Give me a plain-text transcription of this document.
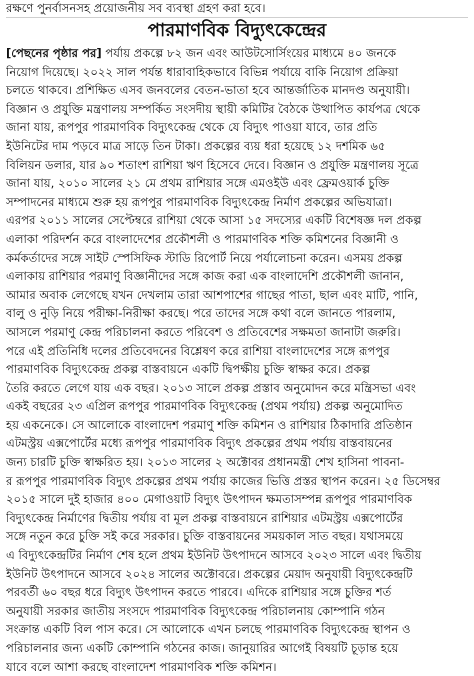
রক্ষণে পুনর্বাসনসহ প্রয়োজনীয় সব ব্যবস্থা গ্রহণ করা হবে।
পারমাণবিক বিদ্যুৎকেন্দ্রের
[পেছনের পৃষ্ঠার পর] পর্যায় প্রকল্পে ৮২ জন এবং আউটসোর্সিংয়ের মাধ্যমে ৪০ জনকে
নিয়োগ দিয়েছে। ২০২২ সাল পর্যন্ত ধারাবাহিকভাবে বিভিন্ন পর্যায়ে বাকি নিয়োগ প্রক্রিয়া
চলতে থাকবে। প্রশিক্ষিত এসব জনবলের বেতন-ভাতা হবে আন্তর্জাতিক মানদণ্ড অনুযায়ী।
বিজ্ঞান ও প্রযুক্তি মন্ত্রণালয় সম্পর্কিত সংসদীয় স্থায়ী কমিটির বৈঠকে উত্থাপিত কার্যপত্র থেকে
জানা যায়, রূপপুর পারমাণবিক বিদ্যুৎকেন্দ্র থেকে যে বিদ্যুৎ পাওয়া যাবে, তার প্রতি
ইউনিটের দাম পড়বে মাত্র সাড়ে তিন টাকা। প্রকল্পের ব্যয় ধরা হয়েছে ১২ দশমিক ৬৫
বিলিয়ন ডলার, যার ৯০ শতাংশ রাশিয়া ঋণ হিসেবে দেবে। বিজ্ঞান ও প্রযুক্তি মন্ত্রণালয় সূত্রে
জানা যায়, ২০১০ সালের ২১ মে প্রথম রাশিয়ার সঙ্গে এমওইউ এবং ফ্রেমওয়ার্ক চুক্তি
সম্পাদনের মাধ্যমে শুরু হয় রূপপুর পারমাণবিক বিদ্যুৎকেন্দ্র নির্মাণ প্রকল্পের অভিযাত্রা।
এরপর ২০১১ সালের সেপ্টেম্বরে রাশিয়া থেকে আসা ১৫ সদস্যের একটি বিশেষজ্ঞ দল প্রকল্প
এলাকা পরিদর্শন করে বাংলাদেশের প্রকৌশলী ও পারমাণবিক শক্তি কমিশনের বিজ্ঞানী ও
কর্মকর্তাদের সঙ্গে সাইট স্পেসিফিক স্টাডি রিপোর্ট নিয়ে পর্যালোচনা করেন। এসময় প্রকল্প
এলাকায় রাশিয়ার পরমাণু বিজ্ঞানীদের সঙ্গে কাজ করা এক বাংলাদেশি প্রকৌশলী জানান,
আমার অবাক লেগেছে যখন দেখলাম তারা আশপাশের গাছের পাতা, ছাল এবং মাটি, পানি,
বালু ও নুড়ি নিয়ে পরীক্ষা-নিরীক্ষা করছে। পরে তাদের সঙ্গে কথা বলে জানতে পারলাম,
আসলে পরমাণু কেন্দ্র পরিচালনা করতে পরিবেশ ও প্রতিবেশের সক্ষমতা জানাটা জরুরি।
পরে এই প্রতিনিধি দলের প্রতিবেদনের বিশ্লেষণ করে রাশিয়া বাংলাদেশের সঙ্গে রূপপুর
পারমাণবিক বিদ্যুৎকেন্দ্র প্রকল্প বাস্তবায়নে একটি দ্বিপক্ষীয় চুক্তি স্বাক্ষর করে। প্রকল্প
তৈরি করতে লেগে যায় এক বছর। ২০১৩ সালে প্রকল্প প্রস্তাব অনুমোদন করে মন্ত্রিসভা এবং
একই বছরের ২৩ এপ্রিল রূপপুর পারমাণবিক বিদ্যুৎকেন্দ্র (প্রথম পর্যায়) প্রকল্প অনুমোদিত
হয় একনেকে। সে আলোকে বাংলাদেশ পরমাণু শক্তি কমিশন ও রাশিয়ার ঠিকাদারি প্রতিষ্ঠান
এটমস্ট্রয় এক্সপোর্টের মধ্যে রূপপুর পারমাণবিক বিদ্যুৎ প্রকল্পের প্রথম পর্যায় বাস্তবায়নের
জন্য চারটি চুক্তি স্বাক্ষরিত হয়। ২০১৩ সালের ২ অক্টোবর প্রধানমন্ত্রী শেখ হাসিনা পাবনা-
র রূপপুর পারমাণবিক বিদ্যুৎ প্রকল্পের প্রথম পর্যায় কাজের ভিত্তি প্রস্তর স্থাপন করেন। ২৫ ডিসেম্বর
২০১৫ সালে দুই হাজার ৪০০ মেগাওয়াট বিদ্যুৎ উৎপাদন ক্ষমতাসম্পন্ন রূপপুর পারমাণবিক
বিদ্যুৎকেন্দ্র নির্মাণের দ্বিতীয় পর্যায় বা মূল প্রকল্প বাস্তবায়নে রাশিয়ার এটমস্ট্রয় এক্সপোর্টের
সঙ্গে নতুন করে চুক্তি সই করে সরকার। চুক্তি বাস্তবায়নের সময়কাল সাত বছর। যথাসময়ে
এ বিদ্যুৎকেন্দ্রটির নির্মাণ শেষ হলে প্রথম ইউনিট উৎপাদনে আসবে ২০২৩ সালে এবং দ্বিতীয়
ইউনিট উৎপাদনে আসবে ২০২৪ সালের অক্টোবরে। প্রকল্পের মেয়াদ অনুযায়ী বিদ্যুৎকেন্দ্রটি
পরবর্তী ৬০ বছর ধরে বিদ্যুৎ উৎপাদন করতে পারবে। এদিকে রাশিয়ার সঙ্গে চুক্তির শর্ত
অনুযায়ী সরকার জাতীয় সংসদে পারমাণবিক বিদ্যুৎকেন্দ্র পরিচালনায় কোম্পানি গঠন
সংক্রান্ত একটি বিল পাস করে। সে আলোকে এখন চলছে পারমাণবিক বিদ্যুৎকেন্দ্র স্থাপন ও
পরিচালনার জন্য একটি কোম্পানি গঠনের কাজ। জানুয়ারির আগেই বিষয়টি চূড়ান্ত হয়ে
যাবে বলে আশা করছে বাংলাদেশ পারমাণবিক শক্তি কমিশন।
